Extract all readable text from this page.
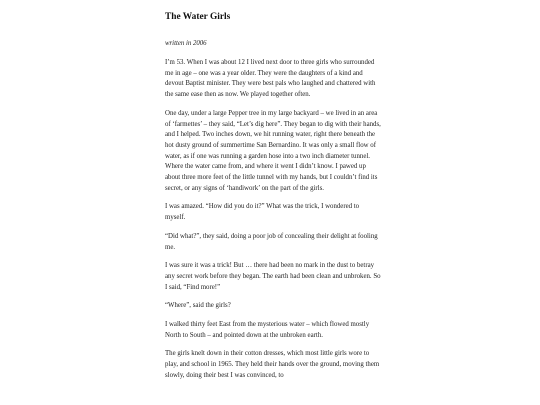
The Water Girls

written in 2006

I’m 53. When I was about 12 I lived next door to three girls who surrounded me in age – one was a year older. They were the daughters of a kind and devout Baptist minister. They were best pals who laughed and chattered with the same ease then as now. We played together often.

One day, under a large Pepper tree in my large backyard – we lived in an area of ‘farmettes’ – they said, “Let’s dig here”. They began to dig with their hands, and I helped. Two inches down, we hit running water, right there beneath the hot dusty ground of summertime San Bernardino. It was only a small flow of water, as if one was running a garden hose into a two inch diameter tunnel. Where the water came from, and where it went I didn’t know. I pawed up about three more feet of the little tunnel with my hands, but I couldn’t find its secret, or any signs of ‘handiwork’ on the part of the girls.

I was amazed. “How did you do it?” What was the trick, I wondered to myself.

“Did what?”, they said, doing a poor job of concealing their delight at fooling me.

I was sure it was a trick! But … there had been no mark in the dust to betray any secret work before they began. The earth had been clean and unbroken. So I said, “Find more!”

“Where”, said the girls?

I walked thirty feet East from the mysterious water – which flowed mostly North to South – and pointed down at the unbroken earth.

The girls knelt down in their cotton dresses, which most little girls wore to play, and school in 1965. They held their hands over the ground, moving them slowly, doing their best I was convinced, to
